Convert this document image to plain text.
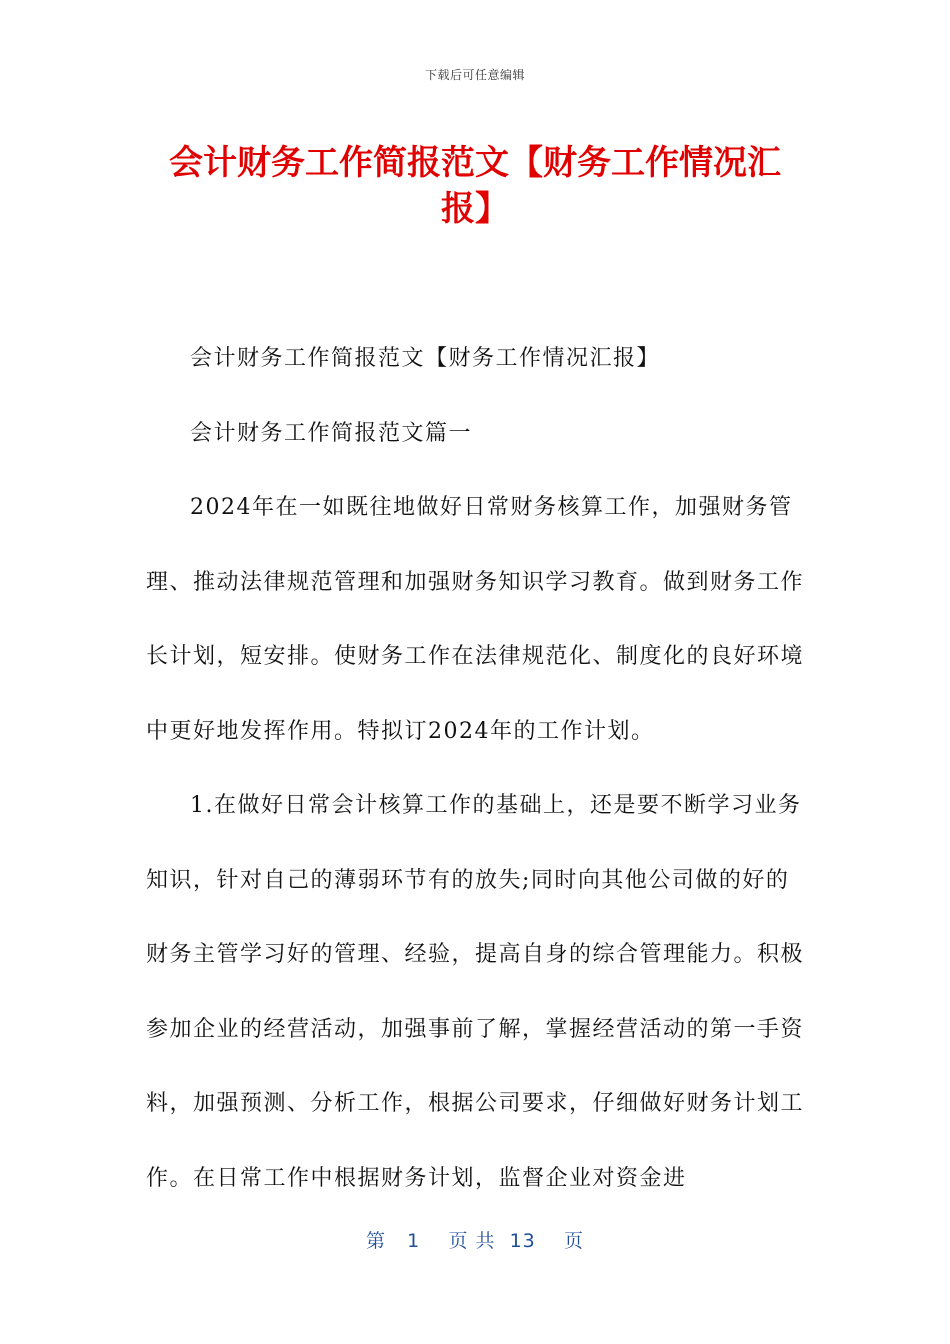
下载后可任意编辑
会计财务工作简报范文【财务工作情况汇报】

会计财务工作简报范文【财务工作情况汇报】

会计财务工作简报范文篇一

2024年在一如既往地做好日常财务核算工作，加强财务管理、推动法律规范管理和加强财务知识学习教育。做到财务工作长计划，短安排。使财务工作在法律规范化、制度化的良好环境中更好地发挥作用。特拟订2024年的工作计划。

1.在做好日常会计核算工作的基础上，还是要不断学习业务知识，针对自己的薄弱环节有的放失;同时向其他公司做的好的财务主管学习好的管理、经验，提高自身的综合管理能力。积极参加企业的经营活动，加强事前了解，掌握经营活动的第一手资料，加强预测、分析工作，根据公司要求，仔细做好财务计划工作。在日常工作中根据财务计划，监督企业对资金进

第 1 页 共 13 页
